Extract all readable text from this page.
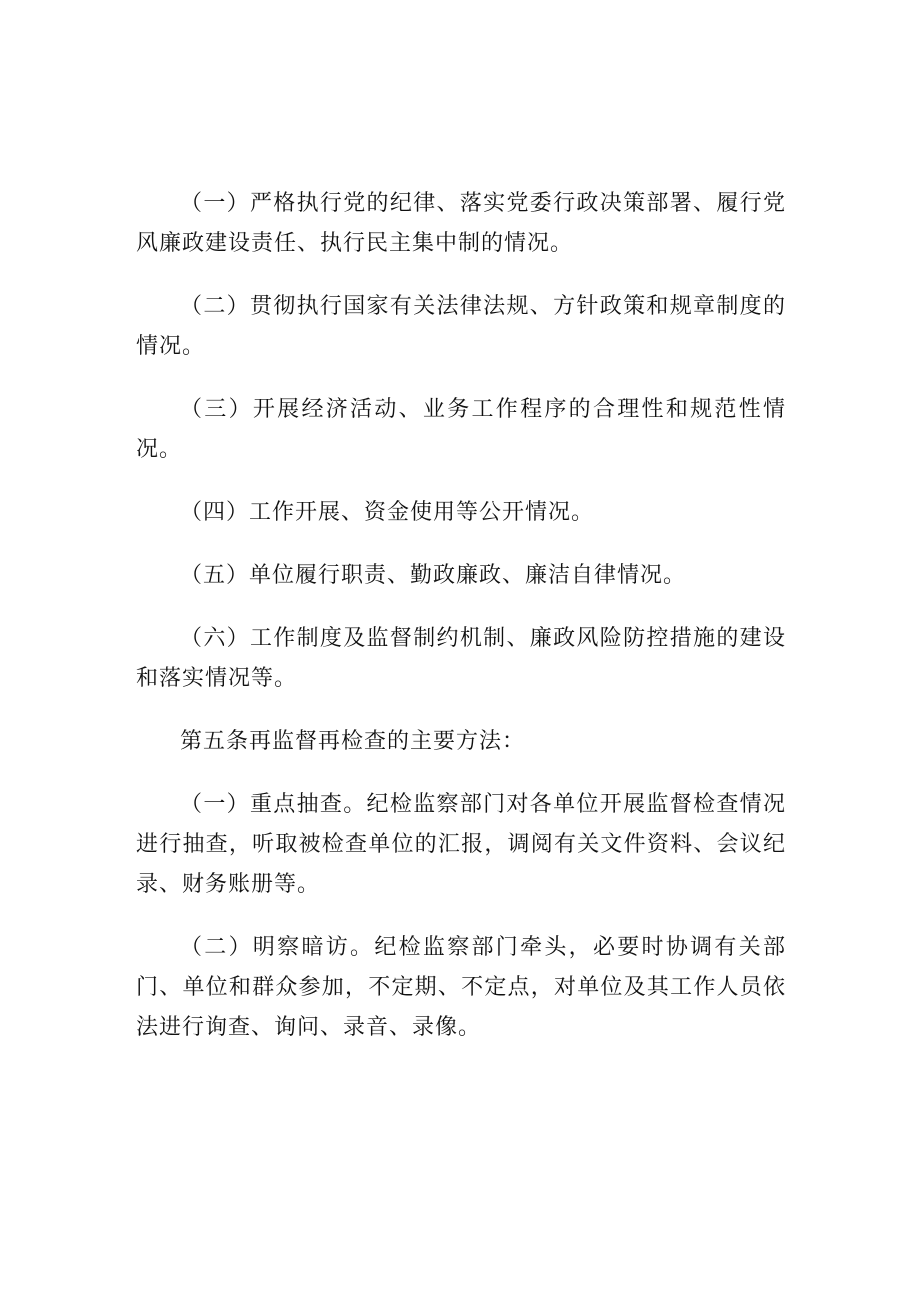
（一）严格执行党的纪律、落实党委行政决策部署、履行党风廉政建设责任、执行民主集中制的情况。

（二）贯彻执行国家有关法律法规、方针政策和规章制度的情况。

（三）开展经济活动、业务工作程序的合理性和规范性情况。

（四）工作开展、资金使用等公开情况。

（五）单位履行职责、勤政廉政、廉洁自律情况。

（六）工作制度及监督制约机制、廉政风险防控措施的建设和落实情况等。

第五条再监督再检查的主要方法：

（一）重点抽查。纪检监察部门对各单位开展监督检查情况进行抽查，听取被检查单位的汇报，调阅有关文件资料、会议纪录、财务账册等。

（二）明察暗访。纪检监察部门牵头，必要时协调有关部门、单位和群众参加，不定期、不定点，对单位及其工作人员依法进行询查、询问、录音、录像。
